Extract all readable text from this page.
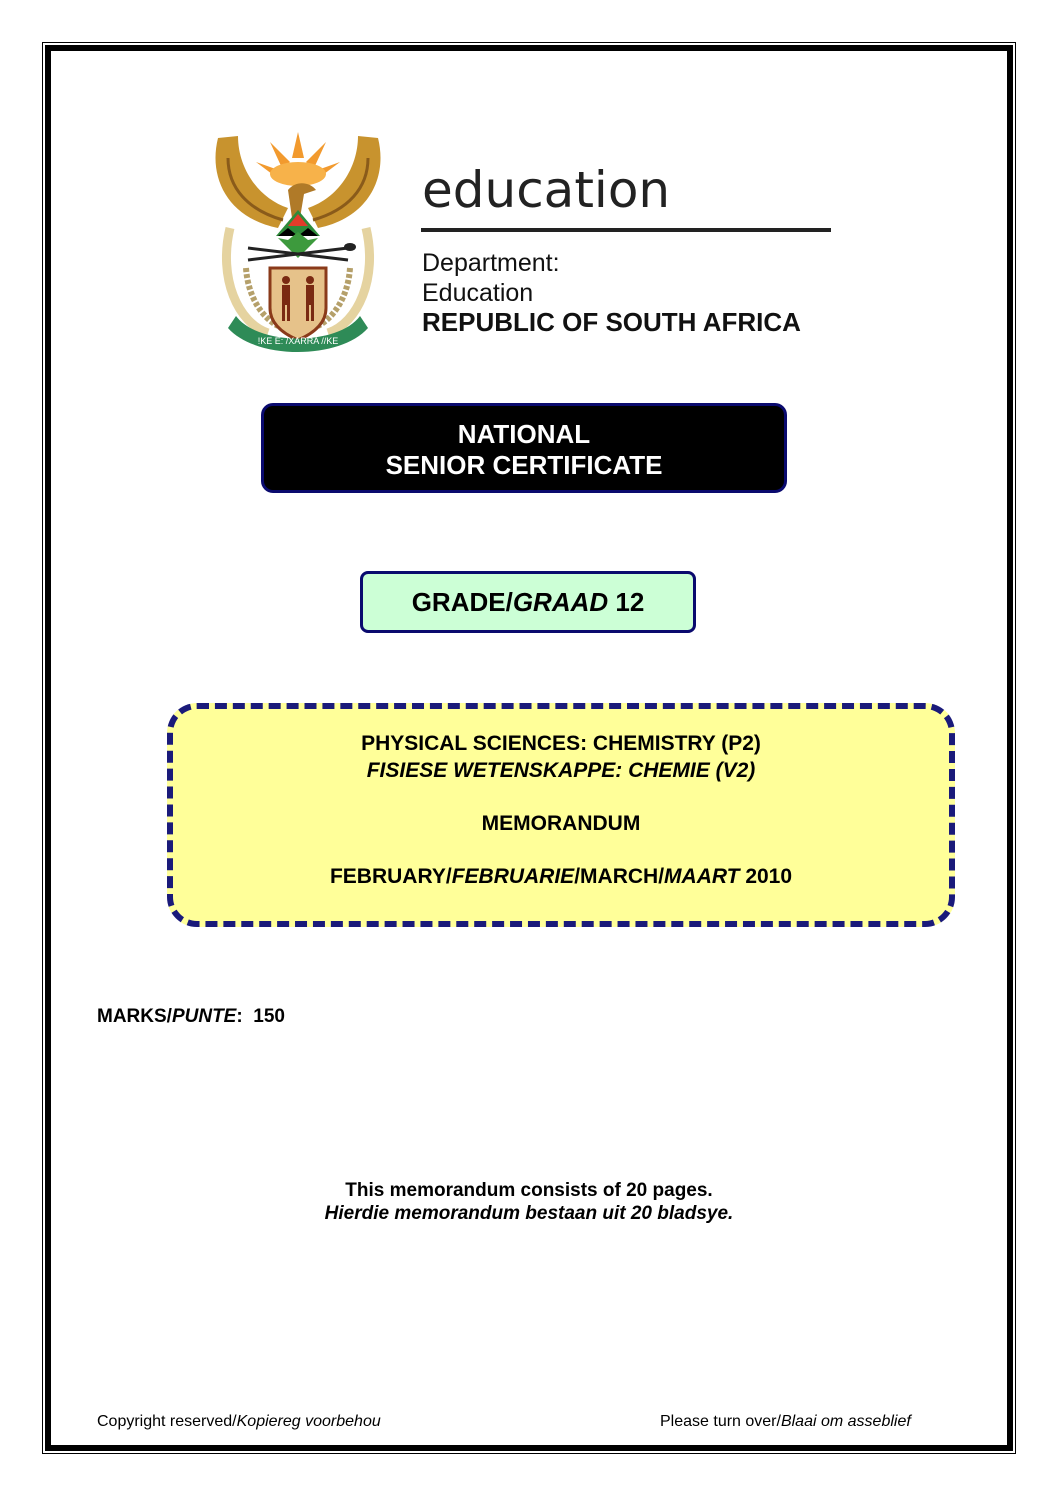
!KE E: /XARRA //KE
education
Department:
Education
REPUBLIC OF SOUTH AFRICA
NATIONAL
SENIOR CERTIFICATE
GRADE/GRAAD 12
PHYSICAL SCIENCES: CHEMISTRY (P2)
FISIESE WETENSKAPPE: CHEMIE (V2)
MEMORANDUM
FEBRUARY/FEBRUARIE/MARCH/MAART 2010
MARKS/PUNTE:  150
This memorandum consists of 20 pages.
Hierdie memorandum bestaan uit 20 bladsye.
Copyright reserved/Kopiereg voorbehou	Please turn over/Blaai om asseblief
